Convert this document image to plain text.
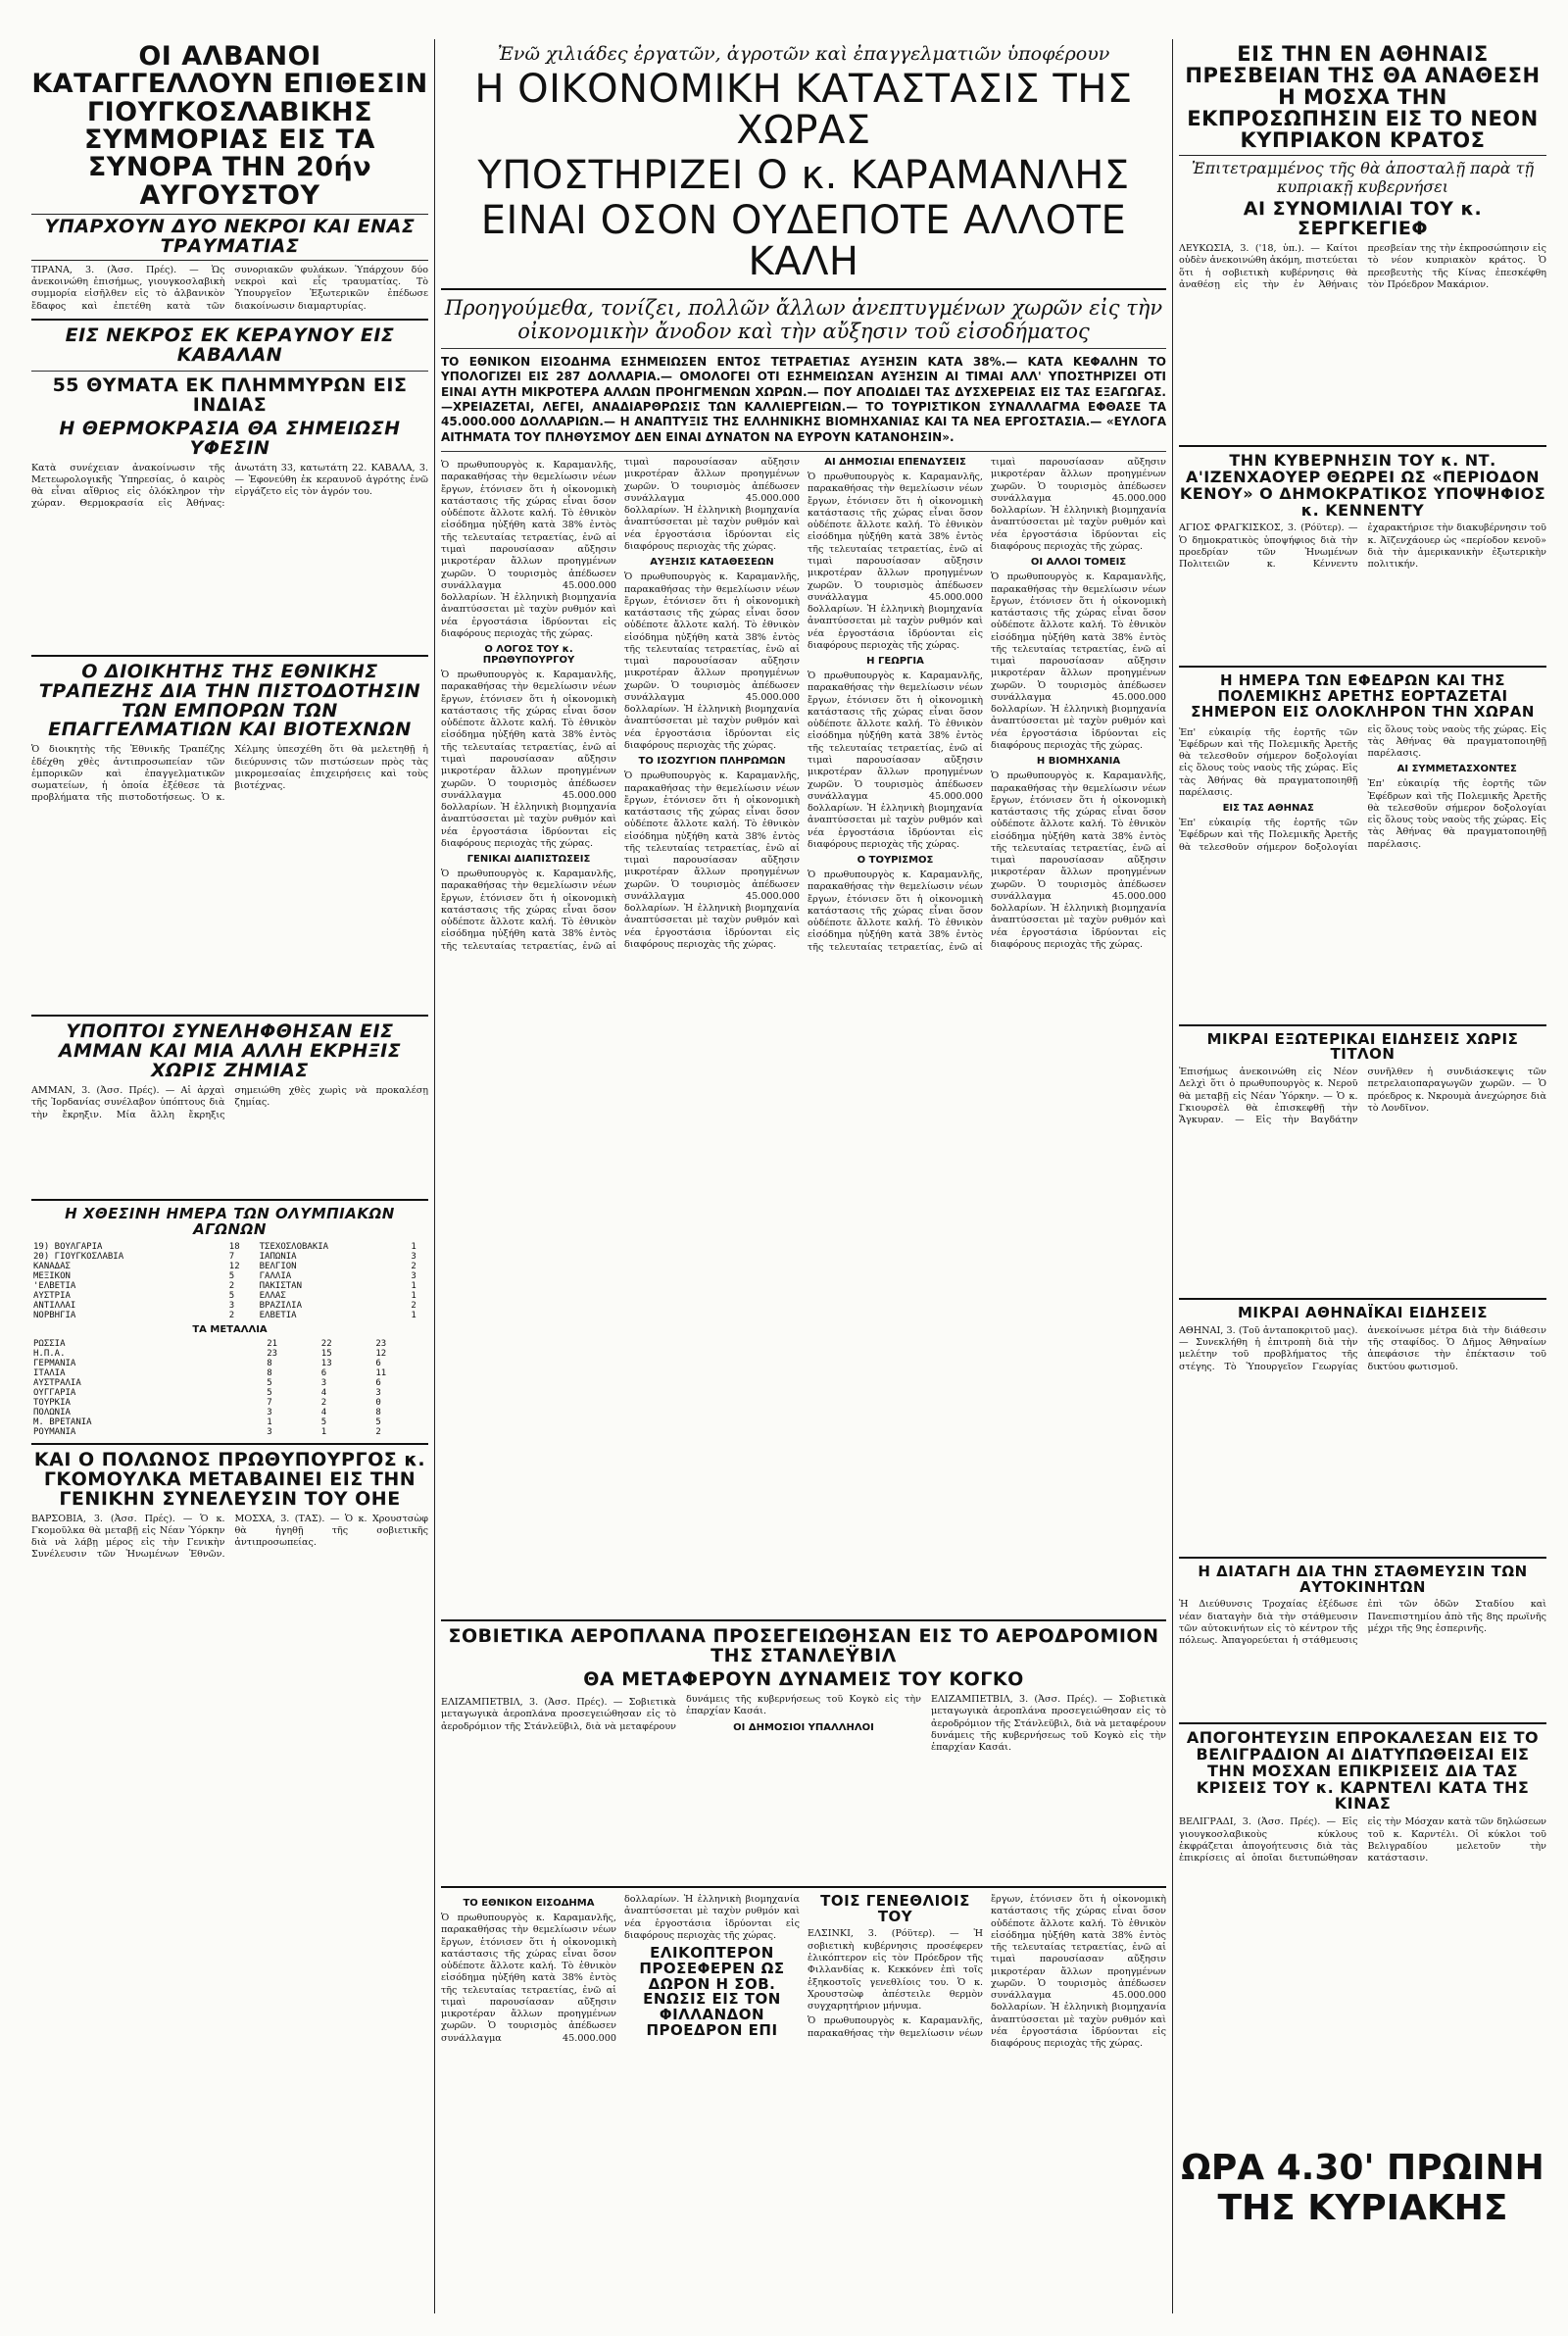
ΟΙ ΑΛΒΑΝΟΙ ΚΑΤΑΓΓΕΛΛΟΥΝ ΕΠΙΘΕΣΙΝ ΓΙΟΥΓΚΟΣΛΑΒΙΚΗΣ ΣΥΜΜΟΡΙΑΣ ΕΙΣ ΤΑ ΣΥΝΟΡΑ ΤΗΝ 20ήν ΑΥΓΟΥΣΤΟΥ
ΥΠΑΡΧΟΥΝ ΔΥΟ ΝΕΚΡΟΙ ΚΑΙ ΕΝΑΣ ΤΡΑΥΜΑΤΙΑΣ
ΤΙΡΑΝΑ, 3. (Ἀσσ. Πρές). — Ὡς ἀνεκοινώθη ἐπισήμως, γιουγκοσλαβικὴ συμμορία εἰσῆλθεν εἰς τὸ ἀλβανικὸν ἔδαφος καὶ ἐπετέθη κατὰ τῶν συνοριακῶν φυλάκων. Ὑπάρχουν δύο νεκροὶ καὶ εἷς τραυματίας. Τὸ Ὑπουργεῖον Ἐξωτερικῶν ἐπέδωσε διακοίνωσιν διαμαρτυρίας.
ΕΙΣ ΝΕΚΡΟΣ ΕΚ ΚΕΡΑΥΝΟΥ ΕΙΣ ΚΑΒΑΛΑΝ
55 ΘΥΜΑΤΑ ΕΚ ΠΛΗΜΜΥΡΩΝ ΕΙΣ ΙΝΔΙΑΣ
Η ΘΕΡΜΟΚΡΑΣΙΑ ΘΑ ΣΗΜΕΙΩΣΗ ΥΦΕΣΙΝ
Κατὰ συνέχειαν ἀνακοίνωσιν τῆς Μετεωρολογικῆς Ὑπηρεσίας, ὁ καιρὸς θὰ εἶναι αἴθριος εἰς ὁλόκληρον τὴν χώραν. Θερμοκρασία εἰς Ἀθήνας: ἀνωτάτη 33, κατωτάτη 22. ΚΑΒΑΛΑ, 3. — Ἐφονεύθη ἐκ κεραυνοῦ ἀγρότης ἐνῶ εἰργάζετο εἰς τὸν ἀγρόν του.
Ο ΔΙΟΙΚΗΤΗΣ ΤΗΣ ΕΘΝΙΚΗΣ ΤΡΑΠΕΖΗΣ ΔΙΑ ΤΗΝ ΠΙΣΤΟΔΟΤΗΣΙΝ ΤΩΝ ΕΜΠΟΡΩΝ ΤΩΝ ΕΠΑΓΓΕΛΜΑΤΙΩΝ ΚΑΙ ΒΙΟΤΕΧΝΩΝ
Ὁ διοικητὴς τῆς Ἐθνικῆς Τραπέζης ἐδέχθη χθὲς ἀντιπροσωπείαν τῶν ἐμπορικῶν καὶ ἐπαγγελματικῶν σωματείων, ἡ ὁποία ἐξέθεσε τὰ προβλήματα τῆς πιστοδοτήσεως. Ὁ κ. Χέλμης ὑπεσχέθη ὅτι θὰ μελετηθῇ ἡ διεύρυνσις τῶν πιστώσεων πρὸς τὰς μικρομεσαίας ἐπιχειρήσεις καὶ τοὺς βιοτέχνας.
ΥΠΟΠΤΟΙ ΣΥΝΕΛΗΦΘΗΣΑΝ ΕΙΣ ΑΜΜΑΝ ΚΑΙ ΜΙΑ ΑΛΛΗ ΕΚΡΗΞΙΣ ΧΩΡΙΣ ΖΗΜΙΑΣ
ΑΜΜΑΝ, 3. (Ἀσσ. Πρές). — Αἱ ἀρχαὶ τῆς Ἰορδανίας συνέλαβον ὑπόπτους διὰ τὴν ἔκρηξιν. Μία ἄλλη ἔκρηξις σημειώθη χθὲς χωρὶς νὰ προκαλέσῃ ζημίας.
Η ΧΘΕΣΙΝΗ ΗΜΕΡΑ ΤΩΝ ΟΛΥΜΠΙΑΚΩΝ ΑΓΩΝΩΝ
19) ΒΟΥΛΓΑΡΙΑ	18	ΤΣΕΧΟΣΛΟΒΑΚΙΑ	1
20) ΓΙΟΥΓΚΟΣΛΑΒΙΑ	7	ΙΑΠΩΝΙΑ	3
ΚΑΝΑΔΑΣ	12	ΒΕΛΓΙΟΝ	2
ΜΕΞΙΚΟΝ	5	ΓΑΛΛΙΑ	3
'ΕΛΒΕΤΙΑ	2	ΠΑΚΙΣΤΑΝ	1
ΑΥΣΤΡΙΑ	5	ΕΛΛΑΣ	1
ΑΝΤΙΛΛΑΙ	3	ΒΡΑΖΙΛΙΑ	2
ΝΟΡΒΗΓΙΑ	2	ΕΛΒΕΤΙΑ	1
ΤΑ ΜΕΤΑΛΛΙΑ
ΡΩΣΣΙΑ	21	22	23
Η.Π.Α.	23	15	12
ΓΕΡΜΑΝΙΑ	8	13	6
ΙΤΑΛΙΑ	8	6	11
ΑΥΣΤΡΑΛΙΑ	5	3	6
ΟΥΓΓΑΡΙΑ	5	4	3
ΤΟΥΡΚΙΑ	7	2	0
ΠΟΛΩΝΙΑ	3	4	8
Μ. ΒΡΕΤΑΝΙΑ	1	5	5
ΡΟΥΜΑΝΙΑ	3	1	2
ΚΑΙ Ο ΠΟΛΩΝΟΣ ΠΡΩΘΥΠΟΥΡΓΟΣ κ. ΓΚΟΜΟΥΛΚΑ ΜΕΤΑΒΑΙΝΕΙ ΕΙΣ ΤΗΝ ΓΕΝΙΚΗΝ ΣΥΝΕΛΕΥΣΙΝ ΤΟΥ ΟΗΕ
ΒΑΡΣΟΒΙΑ, 3. (Ἀσσ. Πρές). — Ὁ κ. Γκομοῦλκα θὰ μεταβῇ εἰς Νέαν Ὑόρκην διὰ νὰ λάβῃ μέρος εἰς τὴν Γενικὴν Συνέλευσιν τῶν Ἡνωμένων Ἐθνῶν. ΜΟΣΧΑ, 3. (ΤΑΣ). — Ὁ κ. Χρουστσὼφ θὰ ἡγηθῇ τῆς σοβιετικῆς ἀντιπροσωπείας.
Ἐνῶ χιλιάδες ἐργατῶν, ἀγροτῶν καὶ ἐπαγγελματιῶν ὑποφέρουν
Η ΟΙΚΟΝΟΜΙΚΗ ΚΑΤΑΣΤΑΣΙΣ ΤΗΣ ΧΩΡΑΣ
ΥΠΟΣΤΗΡΙΖΕΙ Ο κ. ΚΑΡΑΜΑΝΛΗΣ
ΕΙΝΑΙ ΟΣΟΝ ΟΥΔΕΠΟΤΕ ΑΛΛΟΤΕ ΚΑΛΗ
Προηγούμεθα, τονίζει, πολλῶν ἄλλων ἀνεπτυγμένων χωρῶν εἰς τὴν οἰκονομικὴν ἄνοδον καὶ τὴν αὔξησιν τοῦ εἰσοδήματος
ΤΟ ΕΘΝΙΚΟΝ ΕΙΣΟΔΗΜΑ ΕΣΗΜΕΙΩΣΕΝ ΕΝΤΟΣ ΤΕΤΡΑΕΤΙΑΣ ΑΥΞΗΣΙΝ ΚΑΤΑ 38%.— ΚΑΤΑ ΚΕΦΑΛΗΝ ΤΟ ΥΠΟΛΟΓΙΖΕΙ ΕΙΣ 287 ΔΟΛΛΑΡΙΑ.— ΟΜΟΛΟΓΕΙ ΟΤΙ ΕΣΗΜΕΙΩΣΑΝ ΑΥΞΗΣΙΝ ΑΙ ΤΙΜΑΙ ΑΛΛ' ΥΠΟΣΤΗΡΙΖΕΙ ΟΤΙ ΕΙΝΑΙ ΑΥΤΗ ΜΙΚΡΟΤΕΡΑ ΑΛΛΩΝ ΠΡΟΗΓΜΕΝΩΝ ΧΩΡΩΝ.— ΠΟΥ ΑΠΟΔΙΔΕΙ ΤΑΣ ΔΥΣΧΕΡΕΙΑΣ ΕΙΣ ΤΑΣ ΕΞΑΓΩΓΑΣ.—ΧΡΕΙΑΖΕΤΑΙ, ΛΕΓΕΙ, ΑΝΑΔΙΑΡΘΡΩΣΙΣ ΤΩΝ ΚΑΛΛΙΕΡΓΕΙΩΝ.— ΤΟ ΤΟΥΡΙΣΤΙΚΟΝ ΣΥΝΑΛΛΑΓΜΑ ΕΦΘΑΣΕ ΤΑ 45.000.000 ΔΟΛΛΑΡΙΩΝ.— Η ΑΝΑΠΤΥΞΙΣ ΤΗΣ ΕΛΛΗΝΙΚΗΣ ΒΙΟΜΗΧΑΝΙΑΣ ΚΑΙ ΤΑ ΝΕΑ ΕΡΓΟΣΤΑΣΙΑ.— «ΕΥΛΟΓΑ ΑΙΤΗΜΑΤΑ ΤΟΥ ΠΛΗΘΥΣΜΟΥ ΔΕΝ ΕΙΝΑΙ ΔΥΝΑΤΟΝ ΝΑ ΕΥΡΟΥΝ ΚΑΤΑΝΟΗΣΙΝ».
Ὁ πρωθυπουργὸς κ. Καραμανλῆς, παρακαθήσας τὴν θεμελίωσιν νέων ἔργων, ἐτόνισεν ὅτι ἡ οἰκονομικὴ κατάστασις τῆς χώρας εἶναι ὅσον οὐδέποτε ἄλλοτε καλή. Τὸ ἐθνικὸν εἰσόδημα ηὐξήθη κατὰ 38% ἐντὸς τῆς τελευταίας τετραετίας, ἐνῶ αἱ τιμαὶ παρουσίασαν αὔξησιν μικροτέραν ἄλλων προηγμένων χωρῶν. Ὁ τουρισμὸς ἀπέδωσεν συνάλλαγμα 45.000.000 δολλαρίων. Ἡ ἑλληνικὴ βιομηχανία ἀναπτύσσεται μὲ ταχὺν ρυθμόν καὶ νέα ἐργοστάσια ἱδρύονται εἰς διαφόρους περιοχὰς τῆς χώρας.
Ο ΛΟΓΟΣ ΤΟΥ κ. ΠΡΩΘΥΠΟΥΡΓΟΥ
Ὁ πρωθυπουργὸς κ. Καραμανλῆς, παρακαθήσας τὴν θεμελίωσιν νέων ἔργων, ἐτόνισεν ὅτι ἡ οἰκονομικὴ κατάστασις τῆς χώρας εἶναι ὅσον οὐδέποτε ἄλλοτε καλή. Τὸ ἐθνικὸν εἰσόδημα ηὐξήθη κατὰ 38% ἐντὸς τῆς τελευταίας τετραετίας, ἐνῶ αἱ τιμαὶ παρουσίασαν αὔξησιν μικροτέραν ἄλλων προηγμένων χωρῶν. Ὁ τουρισμὸς ἀπέδωσεν συνάλλαγμα 45.000.000 δολλαρίων. Ἡ ἑλληνικὴ βιομηχανία ἀναπτύσσεται μὲ ταχὺν ρυθμόν καὶ νέα ἐργοστάσια ἱδρύονται εἰς διαφόρους περιοχὰς τῆς χώρας.
ΓΕΝΙΚΑΙ ΔΙΑΠΙΣΤΩΣΕΙΣ
Ὁ πρωθυπουργὸς κ. Καραμανλῆς, παρακαθήσας τὴν θεμελίωσιν νέων ἔργων, ἐτόνισεν ὅτι ἡ οἰκονομικὴ κατάστασις τῆς χώρας εἶναι ὅσον οὐδέποτε ἄλλοτε καλή. Τὸ ἐθνικὸν εἰσόδημα ηὐξήθη κατὰ 38% ἐντὸς τῆς τελευταίας τετραετίας, ἐνῶ αἱ τιμαὶ παρουσίασαν αὔξησιν μικροτέραν ἄλλων προηγμένων χωρῶν. Ὁ τουρισμὸς ἀπέδωσεν συνάλλαγμα 45.000.000 δολλαρίων. Ἡ ἑλληνικὴ βιομηχανία ἀναπτύσσεται μὲ ταχὺν ρυθμόν καὶ νέα ἐργοστάσια ἱδρύονται εἰς διαφόρους περιοχὰς τῆς χώρας.
ΑΥΞΗΣΙΣ ΚΑΤΑΘΕΣΕΩΝ
Ὁ πρωθυπουργὸς κ. Καραμανλῆς, παρακαθήσας τὴν θεμελίωσιν νέων ἔργων, ἐτόνισεν ὅτι ἡ οἰκονομικὴ κατάστασις τῆς χώρας εἶναι ὅσον οὐδέποτε ἄλλοτε καλή. Τὸ ἐθνικὸν εἰσόδημα ηὐξήθη κατὰ 38% ἐντὸς τῆς τελευταίας τετραετίας, ἐνῶ αἱ τιμαὶ παρουσίασαν αὔξησιν μικροτέραν ἄλλων προηγμένων χωρῶν. Ὁ τουρισμὸς ἀπέδωσεν συνάλλαγμα 45.000.000 δολλαρίων. Ἡ ἑλληνικὴ βιομηχανία ἀναπτύσσεται μὲ ταχὺν ρυθμόν καὶ νέα ἐργοστάσια ἱδρύονται εἰς διαφόρους περιοχὰς τῆς χώρας.
ΤΟ ΙΣΟΖΥΓΙΟΝ ΠΛΗΡΩΜΩΝ
Ὁ πρωθυπουργὸς κ. Καραμανλῆς, παρακαθήσας τὴν θεμελίωσιν νέων ἔργων, ἐτόνισεν ὅτι ἡ οἰκονομικὴ κατάστασις τῆς χώρας εἶναι ὅσον οὐδέποτε ἄλλοτε καλή. Τὸ ἐθνικὸν εἰσόδημα ηὐξήθη κατὰ 38% ἐντὸς τῆς τελευταίας τετραετίας, ἐνῶ αἱ τιμαὶ παρουσίασαν αὔξησιν μικροτέραν ἄλλων προηγμένων χωρῶν. Ὁ τουρισμὸς ἀπέδωσεν συνάλλαγμα 45.000.000 δολλαρίων. Ἡ ἑλληνικὴ βιομηχανία ἀναπτύσσεται μὲ ταχὺν ρυθμόν καὶ νέα ἐργοστάσια ἱδρύονται εἰς διαφόρους περιοχὰς τῆς χώρας.
ΑΙ ΔΗΜΟΣΙΑΙ ΕΠΕΝΔΥΣΕΙΣ
Ὁ πρωθυπουργὸς κ. Καραμανλῆς, παρακαθήσας τὴν θεμελίωσιν νέων ἔργων, ἐτόνισεν ὅτι ἡ οἰκονομικὴ κατάστασις τῆς χώρας εἶναι ὅσον οὐδέποτε ἄλλοτε καλή. Τὸ ἐθνικὸν εἰσόδημα ηὐξήθη κατὰ 38% ἐντὸς τῆς τελευταίας τετραετίας, ἐνῶ αἱ τιμαὶ παρουσίασαν αὔξησιν μικροτέραν ἄλλων προηγμένων χωρῶν. Ὁ τουρισμὸς ἀπέδωσεν συνάλλαγμα 45.000.000 δολλαρίων. Ἡ ἑλληνικὴ βιομηχανία ἀναπτύσσεται μὲ ταχὺν ρυθμόν καὶ νέα ἐργοστάσια ἱδρύονται εἰς διαφόρους περιοχὰς τῆς χώρας.
Η ΓΕΩΡΓΙΑ
Ὁ πρωθυπουργὸς κ. Καραμανλῆς, παρακαθήσας τὴν θεμελίωσιν νέων ἔργων, ἐτόνισεν ὅτι ἡ οἰκονομικὴ κατάστασις τῆς χώρας εἶναι ὅσον οὐδέποτε ἄλλοτε καλή. Τὸ ἐθνικὸν εἰσόδημα ηὐξήθη κατὰ 38% ἐντὸς τῆς τελευταίας τετραετίας, ἐνῶ αἱ τιμαὶ παρουσίασαν αὔξησιν μικροτέραν ἄλλων προηγμένων χωρῶν. Ὁ τουρισμὸς ἀπέδωσεν συνάλλαγμα 45.000.000 δολλαρίων. Ἡ ἑλληνικὴ βιομηχανία ἀναπτύσσεται μὲ ταχὺν ρυθμόν καὶ νέα ἐργοστάσια ἱδρύονται εἰς διαφόρους περιοχὰς τῆς χώρας.
Ο ΤΟΥΡΙΣΜΟΣ
Ὁ πρωθυπουργὸς κ. Καραμανλῆς, παρακαθήσας τὴν θεμελίωσιν νέων ἔργων, ἐτόνισεν ὅτι ἡ οἰκονομικὴ κατάστασις τῆς χώρας εἶναι ὅσον οὐδέποτε ἄλλοτε καλή. Τὸ ἐθνικὸν εἰσόδημα ηὐξήθη κατὰ 38% ἐντὸς τῆς τελευταίας τετραετίας, ἐνῶ αἱ τιμαὶ παρουσίασαν αὔξησιν μικροτέραν ἄλλων προηγμένων χωρῶν. Ὁ τουρισμὸς ἀπέδωσεν συνάλλαγμα 45.000.000 δολλαρίων. Ἡ ἑλληνικὴ βιομηχανία ἀναπτύσσεται μὲ ταχὺν ρυθμόν καὶ νέα ἐργοστάσια ἱδρύονται εἰς διαφόρους περιοχὰς τῆς χώρας.
ΟΙ ΑΛΛΟΙ ΤΟΜΕΙΣ
Ὁ πρωθυπουργὸς κ. Καραμανλῆς, παρακαθήσας τὴν θεμελίωσιν νέων ἔργων, ἐτόνισεν ὅτι ἡ οἰκονομικὴ κατάστασις τῆς χώρας εἶναι ὅσον οὐδέποτε ἄλλοτε καλή. Τὸ ἐθνικὸν εἰσόδημα ηὐξήθη κατὰ 38% ἐντὸς τῆς τελευταίας τετραετίας, ἐνῶ αἱ τιμαὶ παρουσίασαν αὔξησιν μικροτέραν ἄλλων προηγμένων χωρῶν. Ὁ τουρισμὸς ἀπέδωσεν συνάλλαγμα 45.000.000 δολλαρίων. Ἡ ἑλληνικὴ βιομηχανία ἀναπτύσσεται μὲ ταχὺν ρυθμόν καὶ νέα ἐργοστάσια ἱδρύονται εἰς διαφόρους περιοχὰς τῆς χώρας.
Η ΒΙΟΜΗΧΑΝΙΑ
Ὁ πρωθυπουργὸς κ. Καραμανλῆς, παρακαθήσας τὴν θεμελίωσιν νέων ἔργων, ἐτόνισεν ὅτι ἡ οἰκονομικὴ κατάστασις τῆς χώρας εἶναι ὅσον οὐδέποτε ἄλλοτε καλή. Τὸ ἐθνικὸν εἰσόδημα ηὐξήθη κατὰ 38% ἐντὸς τῆς τελευταίας τετραετίας, ἐνῶ αἱ τιμαὶ παρουσίασαν αὔξησιν μικροτέραν ἄλλων προηγμένων χωρῶν. Ὁ τουρισμὸς ἀπέδωσεν συνάλλαγμα 45.000.000 δολλαρίων. Ἡ ἑλληνικὴ βιομηχανία ἀναπτύσσεται μὲ ταχὺν ρυθμόν καὶ νέα ἐργοστάσια ἱδρύονται εἰς διαφόρους περιοχὰς τῆς χώρας.
ΣΟΒΙΕΤΙΚΑ ΑΕΡΟΠΛΑΝΑ ΠΡΟΣΕΓΕΙΩΘΗΣΑΝ ΕΙΣ ΤΟ ΑΕΡΟΔΡΟΜΙΟΝ ΤΗΣ ΣΤΑΝΛΕΫΒΙΛ
ΘΑ ΜΕΤΑΦΕΡΟΥΝ ΔΥΝΑΜΕΙΣ ΤΟΥ ΚΟΓΚΟ
ΕΛΙΖΑΜΠΕΤΒΙΛ, 3. (Ἀσσ. Πρές). — Σοβιετικὰ μεταγωγικὰ ἀεροπλάνα προσεγειώθησαν εἰς τὸ ἀεροδρόμιον τῆς Στάνλεϋβιλ, διὰ νὰ μεταφέρουν δυνάμεις τῆς κυβερνήσεως τοῦ Κογκὸ εἰς τὴν ἐπαρχίαν Κασάι.
ΟΙ ΔΗΜΟΣΙΟΙ ΥΠΑΛΛΗΛΟΙ
ΕΛΙΖΑΜΠΕΤΒΙΛ, 3. (Ἀσσ. Πρές). — Σοβιετικὰ μεταγωγικὰ ἀεροπλάνα προσεγειώθησαν εἰς τὸ ἀεροδρόμιον τῆς Στάνλεϋβιλ, διὰ νὰ μεταφέρουν δυνάμεις τῆς κυβερνήσεως τοῦ Κογκὸ εἰς τὴν ἐπαρχίαν Κασάι.
ΤΟ ΕΘΝΙΚΟΝ ΕΙΣΟΔΗΜΑ
Ὁ πρωθυπουργὸς κ. Καραμανλῆς, παρακαθήσας τὴν θεμελίωσιν νέων ἔργων, ἐτόνισεν ὅτι ἡ οἰκονομικὴ κατάστασις τῆς χώρας εἶναι ὅσον οὐδέποτε ἄλλοτε καλή. Τὸ ἐθνικὸν εἰσόδημα ηὐξήθη κατὰ 38% ἐντὸς τῆς τελευταίας τετραετίας, ἐνῶ αἱ τιμαὶ παρουσίασαν αὔξησιν μικροτέραν ἄλλων προηγμένων χωρῶν. Ὁ τουρισμὸς ἀπέδωσεν συνάλλαγμα 45.000.000 δολλαρίων. Ἡ ἑλληνικὴ βιομηχανία ἀναπτύσσεται μὲ ταχὺν ρυθμόν καὶ νέα ἐργοστάσια ἱδρύονται εἰς διαφόρους περιοχὰς τῆς χώρας.
ΕΛΙΚΟΠΤΕΡΟΝ ΠΡΟΣΕΦΕΡΕΝ ΩΣ ΔΩΡΟΝ Η ΣΟΒ. ΕΝΩΣΙΣ ΕΙΣ ΤΟΝ ΦΙΛΛΑΝΔΟΝ ΠΡΟΕΔΡΟΝ ΕΠΙ ΤΟΙΣ ΓΕΝΕΘΛΙΟΙΣ ΤΟΥ
ΕΛΣΙΝΚΙ, 3. (Ρόϋτερ). — Ἡ σοβιετικὴ κυβέρνησις προσέφερεν ἑλικόπτερον εἰς τὸν Πρόεδρον τῆς Φιλλανδίας κ. Κεκκόνεν ἐπὶ τοῖς ἑξηκοστοῖς γενεθλίοις του. Ὁ κ. Χρουστσὼφ ἀπέστειλε θερμὸν συγχαρητήριον μήνυμα.
Ὁ πρωθυπουργὸς κ. Καραμανλῆς, παρακαθήσας τὴν θεμελίωσιν νέων ἔργων, ἐτόνισεν ὅτι ἡ οἰκονομικὴ κατάστασις τῆς χώρας εἶναι ὅσον οὐδέποτε ἄλλοτε καλή. Τὸ ἐθνικὸν εἰσόδημα ηὐξήθη κατὰ 38% ἐντὸς τῆς τελευταίας τετραετίας, ἐνῶ αἱ τιμαὶ παρουσίασαν αὔξησιν μικροτέραν ἄλλων προηγμένων χωρῶν. Ὁ τουρισμὸς ἀπέδωσεν συνάλλαγμα 45.000.000 δολλαρίων. Ἡ ἑλληνικὴ βιομηχανία ἀναπτύσσεται μὲ ταχὺν ρυθμόν καὶ νέα ἐργοστάσια ἱδρύονται εἰς διαφόρους περιοχὰς τῆς χώρας.
ΕΙΣ ΤΗΝ ΕΝ ΑΘΗΝΑΙΣ ΠΡΕΣΒΕΙΑΝ ΤΗΣ ΘΑ ΑΝΑΘΕΣΗ Η ΜΟΣΧΑ ΤΗΝ ΕΚΠΡΟΣΩΠΗΣΙΝ ΕΙΣ ΤΟ ΝΕΟΝ ΚΥΠΡΙΑΚΟΝ ΚΡΑΤΟΣ
Ἐπιτετραμμένος τῆς θὰ ἀποσταλῇ παρὰ τῇ κυπριακῇ κυβερνήσει
ΑΙ ΣΥΝΟΜΙΛΙΑΙ ΤΟΥ κ. ΣΕΡΓΚΕΓΙΕΦ
ΛΕΥΚΩΣΙΑ, 3. ('18, ὑπ.). — Καίτοι οὐδὲν ἀνεκοινώθη ἀκόμη, πιστεύεται ὅτι ἡ σοβιετικὴ κυβέρνησις θὰ ἀναθέσῃ εἰς τὴν ἐν Ἀθήναις πρεσβείαν της τὴν ἐκπροσώπησιν εἰς τὸ νέον κυπριακὸν κράτος. Ὁ πρεσβευτὴς τῆς Κίνας ἐπεσκέφθη τὸν Πρόεδρον Μακάριον.
ΤΗΝ ΚΥΒΕΡΝΗΣΙΝ ΤΟΥ κ. ΝΤ. Α'ΙΖΕΝΧΑΟΥΕΡ ΘΕΩΡΕΙ ΩΣ «ΠΕΡΙΟΔΟΝ ΚΕΝΟΥ» Ο ΔΗΜΟΚΡΑΤΙΚΟΣ ΥΠΟΨΗΦΙΟΣ κ. ΚΕΝΝΕΝΤΥ
ΑΓΙΟΣ ΦΡΑΓΚΙΣΚΟΣ, 3. (Ρόϋτερ). — Ὁ δημοκρατικὸς ὑποψήφιος διὰ τὴν προεδρίαν τῶν Ἡνωμένων Πολιτειῶν κ. Κέννεντυ ἐχαρακτήρισε τὴν διακυβέρνησιν τοῦ κ. Ἀϊζενχάουερ ὡς «περίοδον κενοῦ» διὰ τὴν ἀμερικανικὴν ἐξωτερικὴν πολιτικήν.
Η ΗΜΕΡΑ ΤΩΝ ΕΦΕΔΡΩΝ ΚΑΙ ΤΗΣ ΠΟΛΕΜΙΚΗΣ ΑΡΕΤΗΣ ΕΟΡΤΑΖΕΤΑΙ ΣΗΜΕΡΟΝ ΕΙΣ ΟΛΟΚΛΗΡΟΝ ΤΗΝ ΧΩΡΑΝ
Ἐπ' εὐκαιρίᾳ τῆς ἑορτῆς τῶν Ἐφέδρων καὶ τῆς Πολεμικῆς Ἀρετῆς θὰ τελεσθοῦν σήμερον δοξολογίαι εἰς ὅλους τοὺς ναοὺς τῆς χώρας. Εἰς τὰς Ἀθήνας θὰ πραγματοποιηθῇ παρέλασις.
ΕΙΣ ΤΑΣ ΑΘΗΝΑΣ
Ἐπ' εὐκαιρίᾳ τῆς ἑορτῆς τῶν Ἐφέδρων καὶ τῆς Πολεμικῆς Ἀρετῆς θὰ τελεσθοῦν σήμερον δοξολογίαι εἰς ὅλους τοὺς ναοὺς τῆς χώρας. Εἰς τὰς Ἀθήνας θὰ πραγματοποιηθῇ παρέλασις.
ΑΙ ΣΥΜΜΕΤΑΣΧΟΝΤΕΣ
Ἐπ' εὐκαιρίᾳ τῆς ἑορτῆς τῶν Ἐφέδρων καὶ τῆς Πολεμικῆς Ἀρετῆς θὰ τελεσθοῦν σήμερον δοξολογίαι εἰς ὅλους τοὺς ναοὺς τῆς χώρας. Εἰς τὰς Ἀθήνας θὰ πραγματοποιηθῇ παρέλασις.
ΜΙΚΡΑΙ ΕΞΩΤΕΡΙΚΑΙ ΕΙΔΗΣΕΙΣ ΧΩΡΙΣ ΤΙΤΛΟΝ
Ἐπισήμως ἀνεκοινώθη εἰς Νέον Δελχὶ ὅτι ὁ πρωθυπουργὸς κ. Νεροῦ θὰ μεταβῇ εἰς Νέαν Ὑόρκην. — Ὁ κ. Γκιουρσὲλ θὰ ἐπισκεφθῇ τὴν Ἄγκυραν. — Εἰς τὴν Βαγδάτην συνῆλθεν ἡ συνδιάσκεψις τῶν πετρελαιοπαραγωγῶν χωρῶν. — Ὁ πρόεδρος κ. Νκρουμὰ ἀνεχώρησε διὰ τὸ Λονδῖνον.
ΜΙΚΡΑΙ ΑΘΗΝΑΪΚΑΙ ΕΙΔΗΣΕΙΣ
ΑΘΗΝΑΙ, 3. (Τοῦ ἀνταποκριτοῦ μας). — Συνεκλήθη ἡ ἐπιτροπὴ διὰ τὴν μελέτην τοῦ προβλήματος τῆς στέγης. Τὸ Ὑπουργεῖον Γεωργίας ἀνεκοίνωσε μέτρα διὰ τὴν διάθεσιν τῆς σταφίδος. Ὁ Δῆμος Ἀθηναίων ἀπεφάσισε τὴν ἐπέκτασιν τοῦ δικτύου φωτισμοῦ.
Η ΔΙΑΤΑΓΗ ΔΙΑ ΤΗΝ ΣΤΑΘΜΕΥΣΙΝ ΤΩΝ ΑΥΤΟΚΙΝΗΤΩΝ
Ἡ Διεύθυνσις Τροχαίας ἐξέδωσε νέαν διαταγὴν διὰ τὴν στάθμευσιν τῶν αὐτοκινήτων εἰς τὸ κέντρον τῆς πόλεως. Ἀπαγορεύεται ἡ στάθμευσις ἐπὶ τῶν ὁδῶν Σταδίου καὶ Πανεπιστημίου ἀπὸ τῆς 8ης πρωϊνῆς μέχρι τῆς 9ης ἑσπερινῆς.
ΑΠΟΓΟΗΤΕΥΣΙΝ ΕΠΡΟΚΑΛΕΣΑΝ ΕΙΣ ΤΟ ΒΕΛΙΓΡΑΔΙΟΝ ΑΙ ΔΙΑΤΥΠΩΘΕΙΣΑΙ ΕΙΣ ΤΗΝ ΜΟΣΧΑΝ ΕΠΙΚΡΙΣΕΙΣ ΔΙΑ ΤΑΣ ΚΡΙΣΕΙΣ ΤΟΥ κ. ΚΑΡΝΤΕΛΙ ΚΑΤΑ ΤΗΣ ΚΙΝΑΣ
ΒΕΛΙΓΡΑΔΙ, 3. (Ἀσσ. Πρές). — Εἰς γιουγκοσλαβικοὺς κύκλους ἐκφράζεται ἀπογοήτευσις διὰ τὰς ἐπικρίσεις αἱ ὁποῖαι διετυπώθησαν εἰς τὴν Μόσχαν κατὰ τῶν δηλώσεων τοῦ κ. Καρντέλι. Οἱ κύκλοι τοῦ Βελιγραδίου μελετοῦν τὴν κατάστασιν.
ΩΡΑ 4.30' ΠΡΩΙΝΗ ΤΗΣ ΚΥΡΙΑΚΗΣ
